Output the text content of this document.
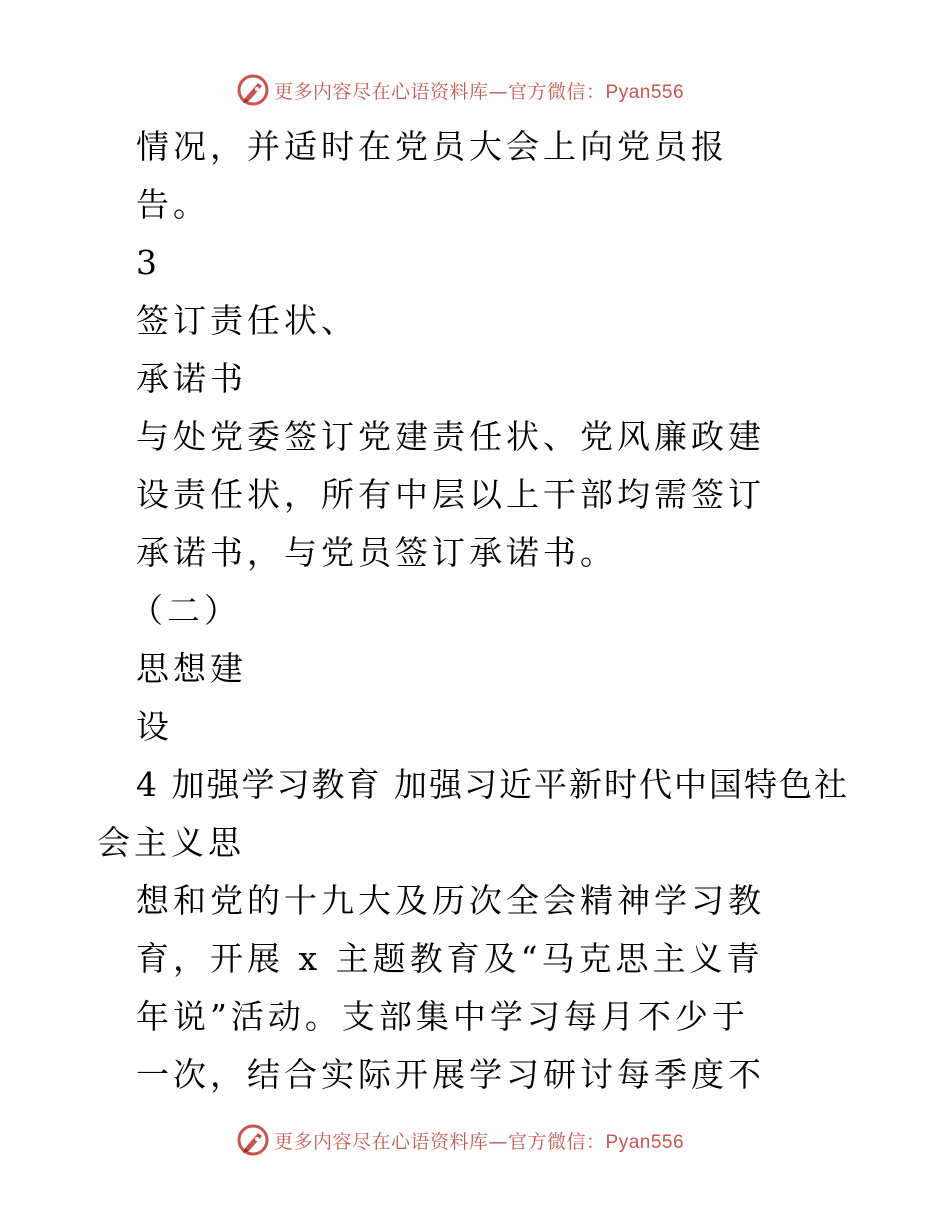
更多内容尽在心语资料库—官方微信：Pyan556
情况，并适时在党员大会上向党员报
告。
3
签订责任状、
承诺书
与处党委签订党建责任状、党风廉政建
设责任状，所有中层以上干部均需签订
承诺书，与党员签订承诺书。
（二）
思想建
设
4 加强学习教育 加强习近平新时代中国特色社
会主义思
想和党的十九大及历次全会精神学习教
育，开展 x 主题教育及“马克思主义青
年说”活动。支部集中学习每月不少于
一次，结合实际开展学习研讨每季度不
更多内容尽在心语资料库—官方微信：Pyan556
